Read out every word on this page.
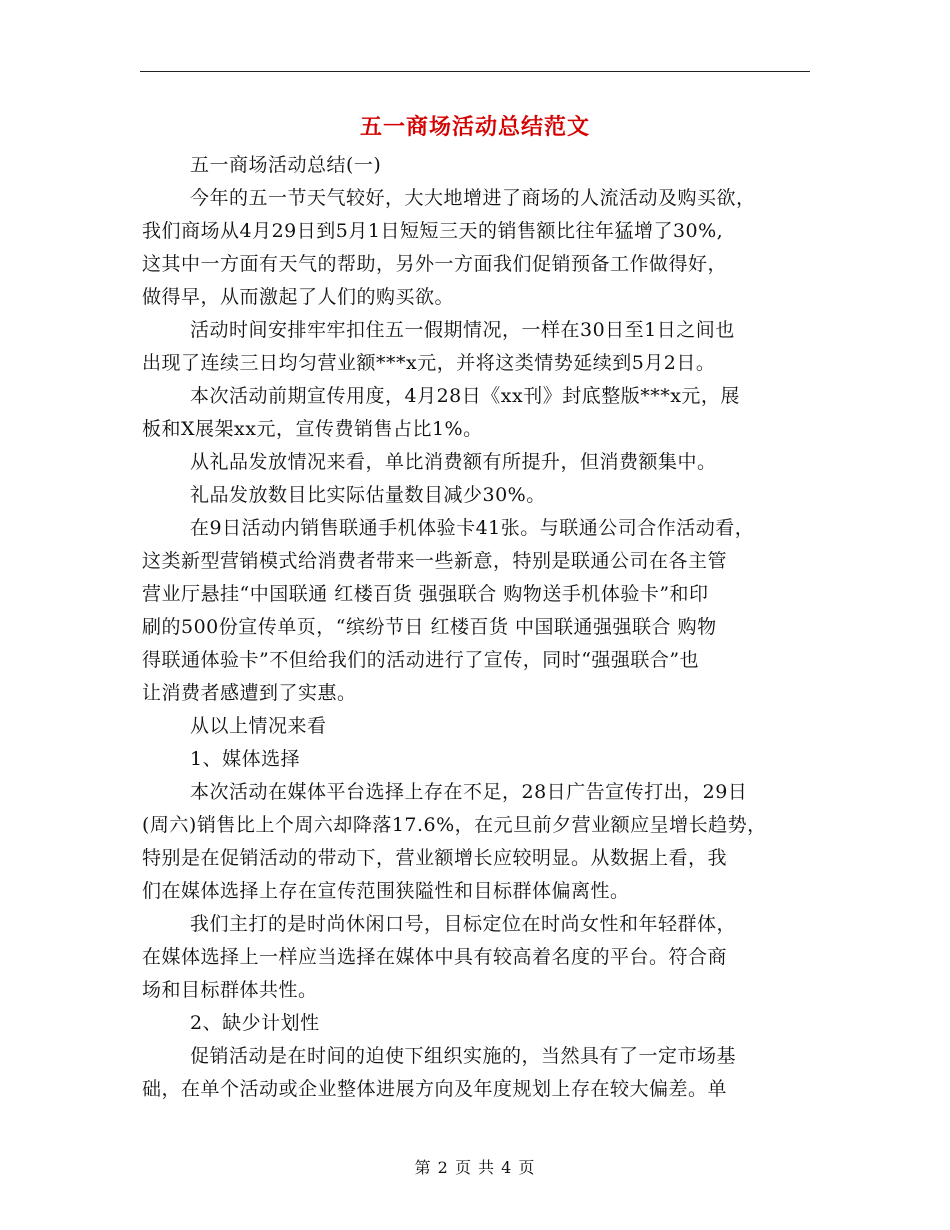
五一商场活动总结范文
五一商场活动总结(一)
今年的五一节天气较好，大大地增进了商场的人流活动及购买欲，
我们商场从4月29日到5月1日短短三天的销售额比往年猛增了30%,
这其中一方面有天气的帮助，另外一方面我们促销预备工作做得好，
做得早，从而激起了人们的购买欲。
活动时间安排牢牢扣住五一假期情况，一样在30日至1日之间也
出现了连续三日均匀营业额***x元，并将这类情势延续到5月2日。
本次活动前期宣传用度，4月28日《xx刊》封底整版***x元，展
板和X展架xx元，宣传费销售占比1%。
从礼品发放情况来看，单比消费额有所提升，但消费额集中。
礼品发放数目比实际估量数目减少30%。
在9日活动内销售联通手机体验卡41张。与联通公司合作活动看，
这类新型营销模式给消费者带来一些新意，特别是联通公司在各主管
营业厅悬挂“中国联通 红楼百货 强强联合 购物送手机体验卡”和印
刷的500份宣传单页，“缤纷节日 红楼百货 中国联通强强联合 购物
得联通体验卡”不但给我们的活动进行了宣传，同时“强强联合”也
让消费者感遭到了实惠。
从以上情况来看
1、媒体选择
本次活动在媒体平台选择上存在不足，28日广告宣传打出，29日
(周六)销售比上个周六却降落17.6%，在元旦前夕营业额应呈增长趋势，
特别是在促销活动的带动下，营业额增长应较明显。从数据上看，我
们在媒体选择上存在宣传范围狭隘性和目标群体偏离性。
我们主打的是时尚休闲口号，目标定位在时尚女性和年轻群体，
在媒体选择上一样应当选择在媒体中具有较高着名度的平台。符合商
场和目标群体共性。
2、缺少计划性
促销活动是在时间的迫使下组织实施的，当然具有了一定市场基
础，在单个活动或企业整体进展方向及年度规划上存在较大偏差。单
第 2 页 共 4 页
